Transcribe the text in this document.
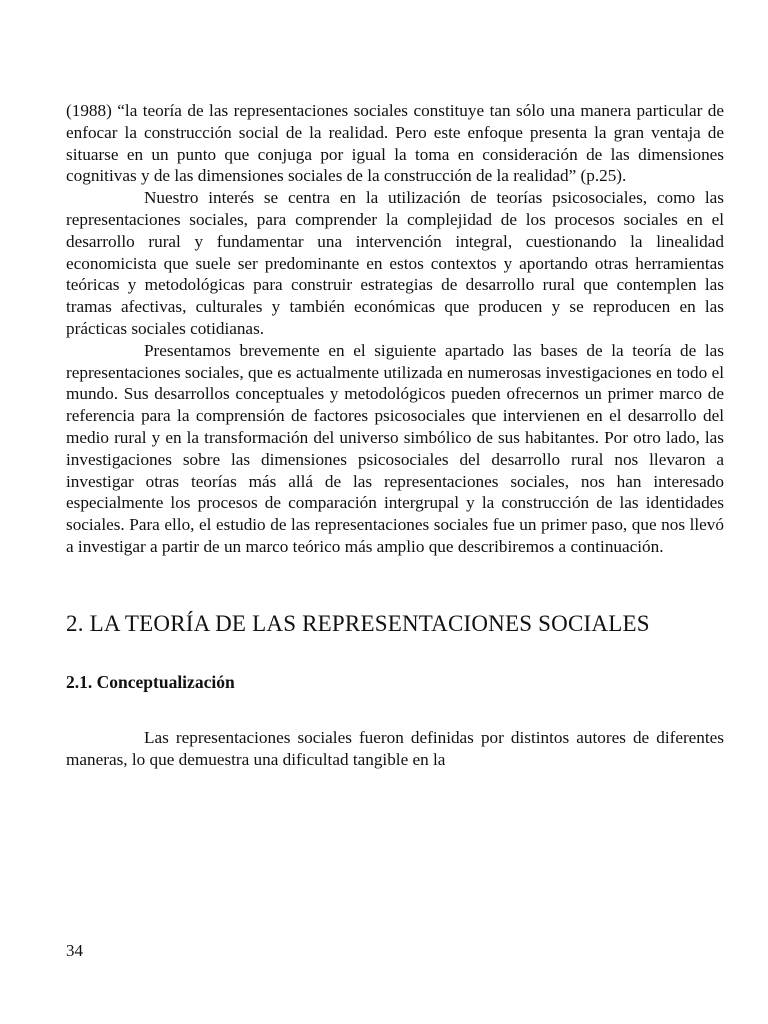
(1988) “la teoría de las representaciones sociales constituye tan sólo una manera particular de enfocar la construcción social de la realidad. Pero este enfoque presenta la gran ventaja de situarse en un punto que conjuga por igual la toma en consideración de las dimensiones cognitivas y de las dimensiones sociales de la construcción de la realidad” (p.25).

Nuestro interés se centra en la utilización de teorías psicosociales, como las representaciones sociales, para comprender la complejidad de los procesos sociales en el desarrollo rural y fundamentar una intervención integral, cuestionando la linealidad economicista que suele ser predominante en estos contextos y aportando otras herramientas teóricas y metodológicas para construir estrategias de desarrollo rural que contemplen las tramas afectivas, culturales y también económicas que producen y se reproducen en las prácticas sociales cotidianas.

Presentamos brevemente en el siguiente apartado las bases de la teoría de las representaciones sociales, que es actualmente utilizada en numerosas investigaciones en todo el mundo. Sus desarrollos conceptuales y metodológicos pueden ofrecernos un primer marco de referencia para la comprensión de factores psicosociales que intervienen en el desarrollo del medio rural y en la transformación del universo simbólico de sus habitantes. Por otro lado, las investigaciones sobre las dimensiones psicosociales del desarrollo rural nos llevaron a investigar otras teorías más allá de las representaciones sociales, nos han interesado especialmente los procesos de comparación intergrupal y la construcción de las identidades sociales. Para ello, el estudio de las representaciones sociales fue un primer paso, que nos llevó a investigar a partir de un marco teórico más amplio que describiremos a continuación.

2. LA TEORÍA DE LAS REPRESENTACIONES SOCIALES
2.1. Conceptualización

Las representaciones sociales fueron definidas por distintos autores de diferentes maneras, lo que demuestra una dificultad tangible en la

34
